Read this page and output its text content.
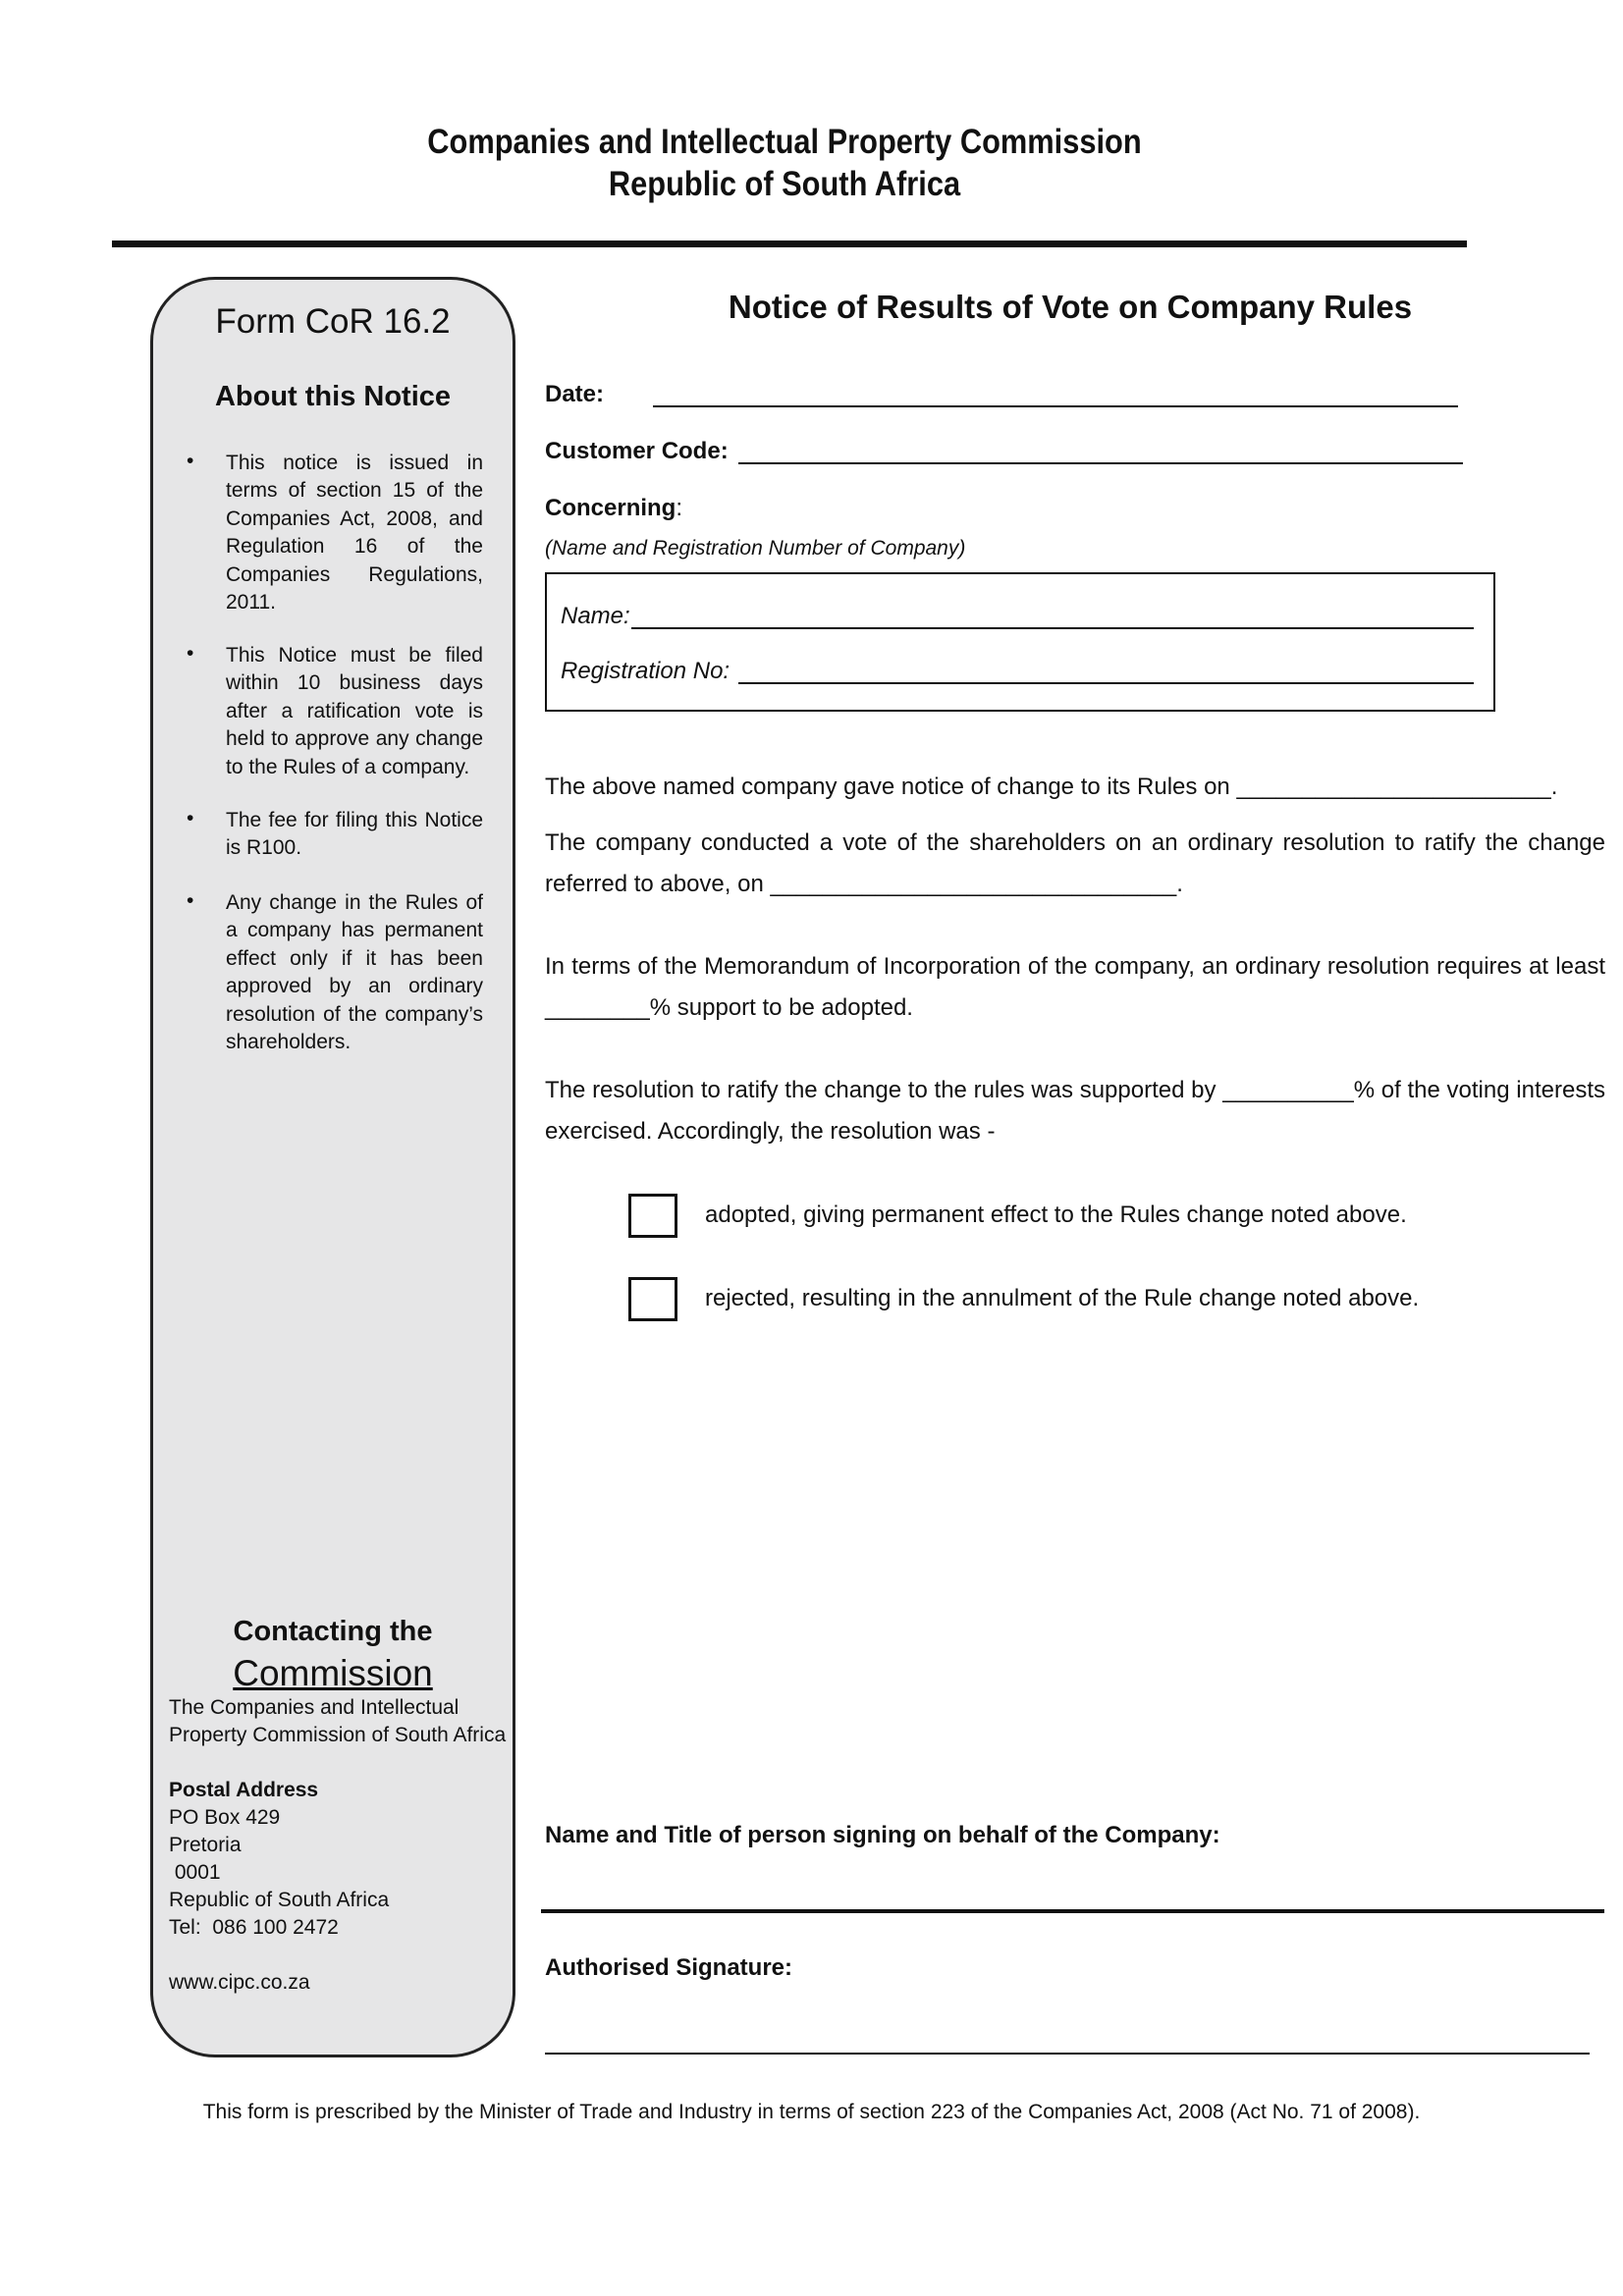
Companies and Intellectual Property Commission
Republic of South Africa
Form CoR 16.2
About this Notice
• This notice is issued in terms of section 15 of the Companies Act, 2008, and Regulation 16 of the Companies Regulations, 2011.
• This Notice must be filed within 10 business days after a ratification vote is held to approve any change to the Rules of a company.
• The fee for filing this Notice is R100.
• Any change in the Rules of a company has permanent effect only if it has been approved by an ordinary resolution of the company’s shareholders.
Contacting the
Commission
The Companies and Intellectual
Property Commission of South Africa
Postal Address
PO Box 429
Pretoria
0001
Republic of South Africa
Tel:  086 100 2472
www.cipc.co.za
Notice of Results of Vote on Company Rules
Date:
Customer Code:
Concerning:
(Name and Registration Number of Company)
Name:
Registration No:
The above named company gave notice of change to its Rules on ________________________.
The company conducted a vote of the shareholders on an ordinary resolution to ratify the change referred to above, on _______________________________.
In terms of the Memorandum of Incorporation of the company, an ordinary resolution requires at least ________% support to be adopted.
The resolution to ratify the change to the rules was supported by __________% of the voting interests exercised. Accordingly, the resolution was -
adopted, giving permanent effect to the Rules change noted above.
rejected, resulting in the annulment of the Rule change noted above.
Name and Title of person signing on behalf of the Company:
Authorised Signature:
This form is prescribed by the Minister of Trade and Industry in terms of section 223 of the Companies Act, 2008 (Act No. 71 of 2008).
